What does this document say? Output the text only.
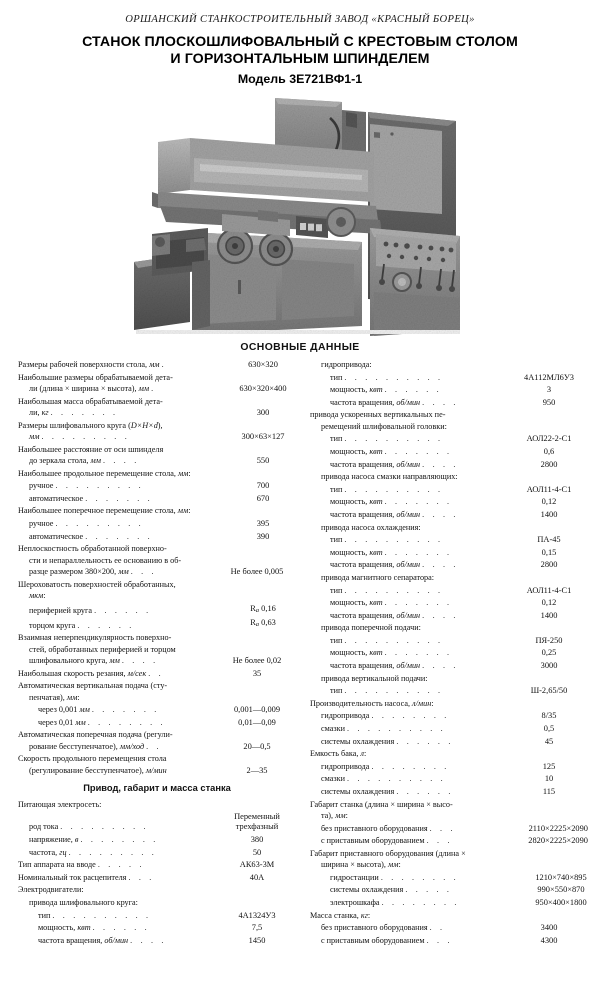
ОРШАНСКИЙ СТАНКОСТРОИТЕЛЬНЫЙ ЗАВОД «КРАСНЫЙ БОРЕЦ»
СТАНОК ПЛОСКОШЛИФОВАЛЬНЫЙ С КРЕСТОВЫМ СТОЛОМ
И ГОРИЗОНТАЛЬНЫМ ШПИНДЕЛЕМ
Модель 3Е721ВФ1-1
ОСНОВНЫЕ ДАННЫЕ
Размеры рабочей поверхности стола, мм .	630×320
Наибольшие размеры обрабатываемой дета-
ли (длина × ширина × высота), мм .	630×320×400
Наибольшая масса обрабатываемой дета-
ли, кг . . . . . . .	300
Размеры шлифовального круга (D×H×d),
мм . . . . . . . . .	300×63×127
Наибольшее расстояние от оси шпинделя
до зеркала стола, мм . . . .	550
Наибольшее продольное перемещение стола, мм:
ручное . . . . . . . . .	700
автоматическое . . . . . . .	670
Наибольшее поперечное перемещение стола, мм:
ручное . . . . . . . . .	395
автоматическое . . . . . . .	390
Неплоскостность обработанной поверхно-
сти и непараллельность ее основанию в об-
разце размером 380×200, мм . . .	Не более 0,005
Шероховатость поверхностей обработанных,
мкм:
периферией круга . . . . . .	Ra 0,16
торцом круга . . . . . .	Ra 0,63
Взаимная неперпендикулярность поверхно-
стей, обработанных периферией и торцом
шлифовального круга, мм . . . .	Не более 0,02
Наибольшая скорость резания, м/сек . .	35
Автоматическая вертикальная подача (сту-
пенчатая), мм:
через 0,001 мм . . . . . . .	0,001—0,009
через 0,01 мм . . . . . . . .	0,01—0,09
Автоматическая поперечная подача (регули-
рование бесступенчатое), мм/ход . .	20—0,5
Скорость продольного перемещения стола
(регулирование бесступенчатое), м/мин	2—35
Привод, габарит и масса станка
Питающая электросеть:
род тока . . . . . . . . .
Переменный
трехфазный
напряжение, в . . . . . . . .	380
частота, гц . . . . . . . . .	50
Тип аппарата на вводе . . . . .	АК63-3М
Номинальный ток расцепителя . . .	40А
Электродвигатели:
привода шлифовального круга:
тип . . . . . . . . . .	4А1324У3
мощность, квт . . . . . .	7,5
частота вращения, об/мин . . . .	1450
гидропривода:
тип . . . . . . . . . .	4А112МЛ6У3
мощность, квт . . . . . .	3
частота вращения, об/мин . . . .	950
привода ускоренных вертикальных пе-
ремещений шлифовальной головки:
тип . . . . . . . . . .	АОЛ22-2-С1
мощность, квт . . . . . . .	0,6
частота вращения, об/мин . . . .	2800
привода насоса смазки направляющих:
тип . . . . . . . . . .	АОЛ11-4-С1
мощность, квт . . . . . . .	0,12
частота вращения, об/мин . . . .	1400
привода насоса охлаждения:
тип . . . . . . . . . .	ПА-45
мощность, квт . . . . . . .	0,15
частота вращения, об/мин . . . .	2800
привода магнитного сепаратора:
тип . . . . . . . . . .	АОЛ11-4-С1
мощность, квт . . . . . . .	0,12
частота вращения, об/мин . . . .	1400
привода поперечной подачи:
тип . . . . . . . . . .	ПЯ-250
мощность, квт . . . . . . .	0,25
частота вращения, об/мин . . . .	3000
привода вертикальной подачи:
тип . . . . . . . . . .	Ш-2,65/50
Производительность насоса, л/мин:
гидропривода . . . . . . . .	8/35
смазки . . . . . . . . . .	0,5
системы охлаждения . . . . . .	45
Емкость бака, л:
гидропривода . . . . . . . .	125
смазки . . . . . . . . . .	10
системы охлаждения . . . . . .	115
Габарит станка (длина × ширина × высо-
та), мм:
без приставного оборудования . . .	2110×2225×2090
с приставным оборудованием . . .	2820×2225×2090
Габарит приставного оборудования (длина ×
ширина × высота), мм:
гидростанции . . . . . . . .	1210×740×895
системы охлаждения . . . . .	990×550×870
электрошкафа . . . . . . . .	950×400×1800
Масса станка, кг:
без приставного оборудования . .	3400
с приставным оборудованием . . .	4300
